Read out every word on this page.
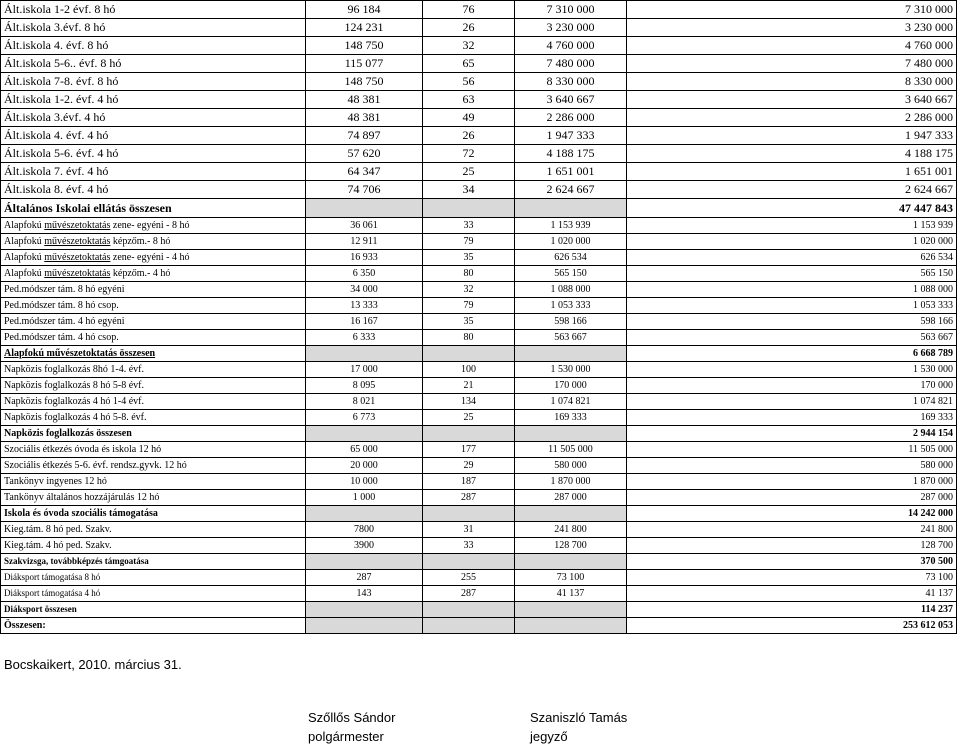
Ált.iskola 1-2 évf. 8 hó	96 184	76	7 310 000	7 310 000
Ált.iskola 3.évf. 8 hó	124 231	26	3 230 000	3 230 000
Ált.iskola 4. évf. 8 hó	148 750	32	4 760 000	4 760 000
Ált.iskola 5-6.. évf. 8 hó	115 077	65	7 480 000	7 480 000
Ált.iskola 7-8. évf. 8 hó	148 750	56	8 330 000	8 330 000
Ált.iskola 1-2. évf. 4 hó	48 381	63	3 640 667	3 640 667
Ált.iskola 3.évf. 4 hó	48 381	49	2 286 000	2 286 000
Ált.iskola 4. évf. 4 hó	74 897	26	1 947 333	1 947 333
Ált.iskola 5-6. évf. 4 hó	57 620	72	4 188 175	4 188 175
Ált.iskola 7. évf. 4 hó	64 347	25	1 651 001	1 651 001
Ált.iskola 8. évf. 4 hó	74 706	34	2 624 667	2 624 667
Általános Iskolai ellátás összesen				47 447 843
Alapfokú művészetoktatás zene- egyéni - 8 hó	36 061	33	1 153 939	1 153 939
Alapfokú művészetoktatás képzőm.- 8 hó	12 911	79	1 020 000	1 020 000
Alapfokú művészetoktatás zene- egyéni - 4 hó	16 933	35	626 534	626 534
Alapfokú művészetoktatás képzőm.- 4 hó	6 350	80	565 150	565 150
Ped.módszer tám. 8 hó egyéni	34 000	32	1 088 000	1 088 000
Ped.módszer tám. 8 hó csop.	13 333	79	1 053 333	1 053 333
Ped.módszer tám. 4 hó egyéni	16 167	35	598 166	598 166
Ped.módszer tám. 4 hó csop.	6 333	80	563 667	563 667
Alapfokú művészetoktatás összesen				6 668 789
Napközis foglalkozás 8hó 1-4. évf.	17 000	100	1 530 000	1 530 000
Napközis foglalkozás 8 hó 5-8 évf.	8 095	21	170 000	170 000
Napközis foglalkozás 4 hó 1-4 évf.	8 021	134	1 074 821	1 074 821
Napközis foglalkozás 4 hó 5-8. évf.	6 773	25	169 333	169 333
Napközis foglalkozás összesen				2 944 154
Szociális étkezés óvoda és iskola 12 hó	65 000	177	11 505 000	11 505 000
Szociális étkezés 5-6. évf. rendsz.gyvk. 12 hó	20 000	29	580 000	580 000
Tankönyv ingyenes 12 hó	10 000	187	1 870 000	1 870 000
Tankönyv általános hozzájárulás 12 hó	1 000	287	287 000	287 000
Iskola és óvoda szociális támogatása				14 242 000
Kieg.tám. 8 hó ped. Szakv.	7800	31	241 800	241 800
Kieg.tám. 4 hó ped. Szakv.	3900	33	128 700	128 700
Szakvizsga, továbbképzés támgoatása				370 500
Diáksport támogatása 8 hó	287	255	73 100	73 100
Diáksport támogatása 4 hó	143	287	41 137	41 137
Diáksport összesen				114 237
Összesen:				253 612 053
Bocskaikert, 2010. március 31.
Szőllős Sándor
polgármester
Szaniszló Tamás
jegyző
